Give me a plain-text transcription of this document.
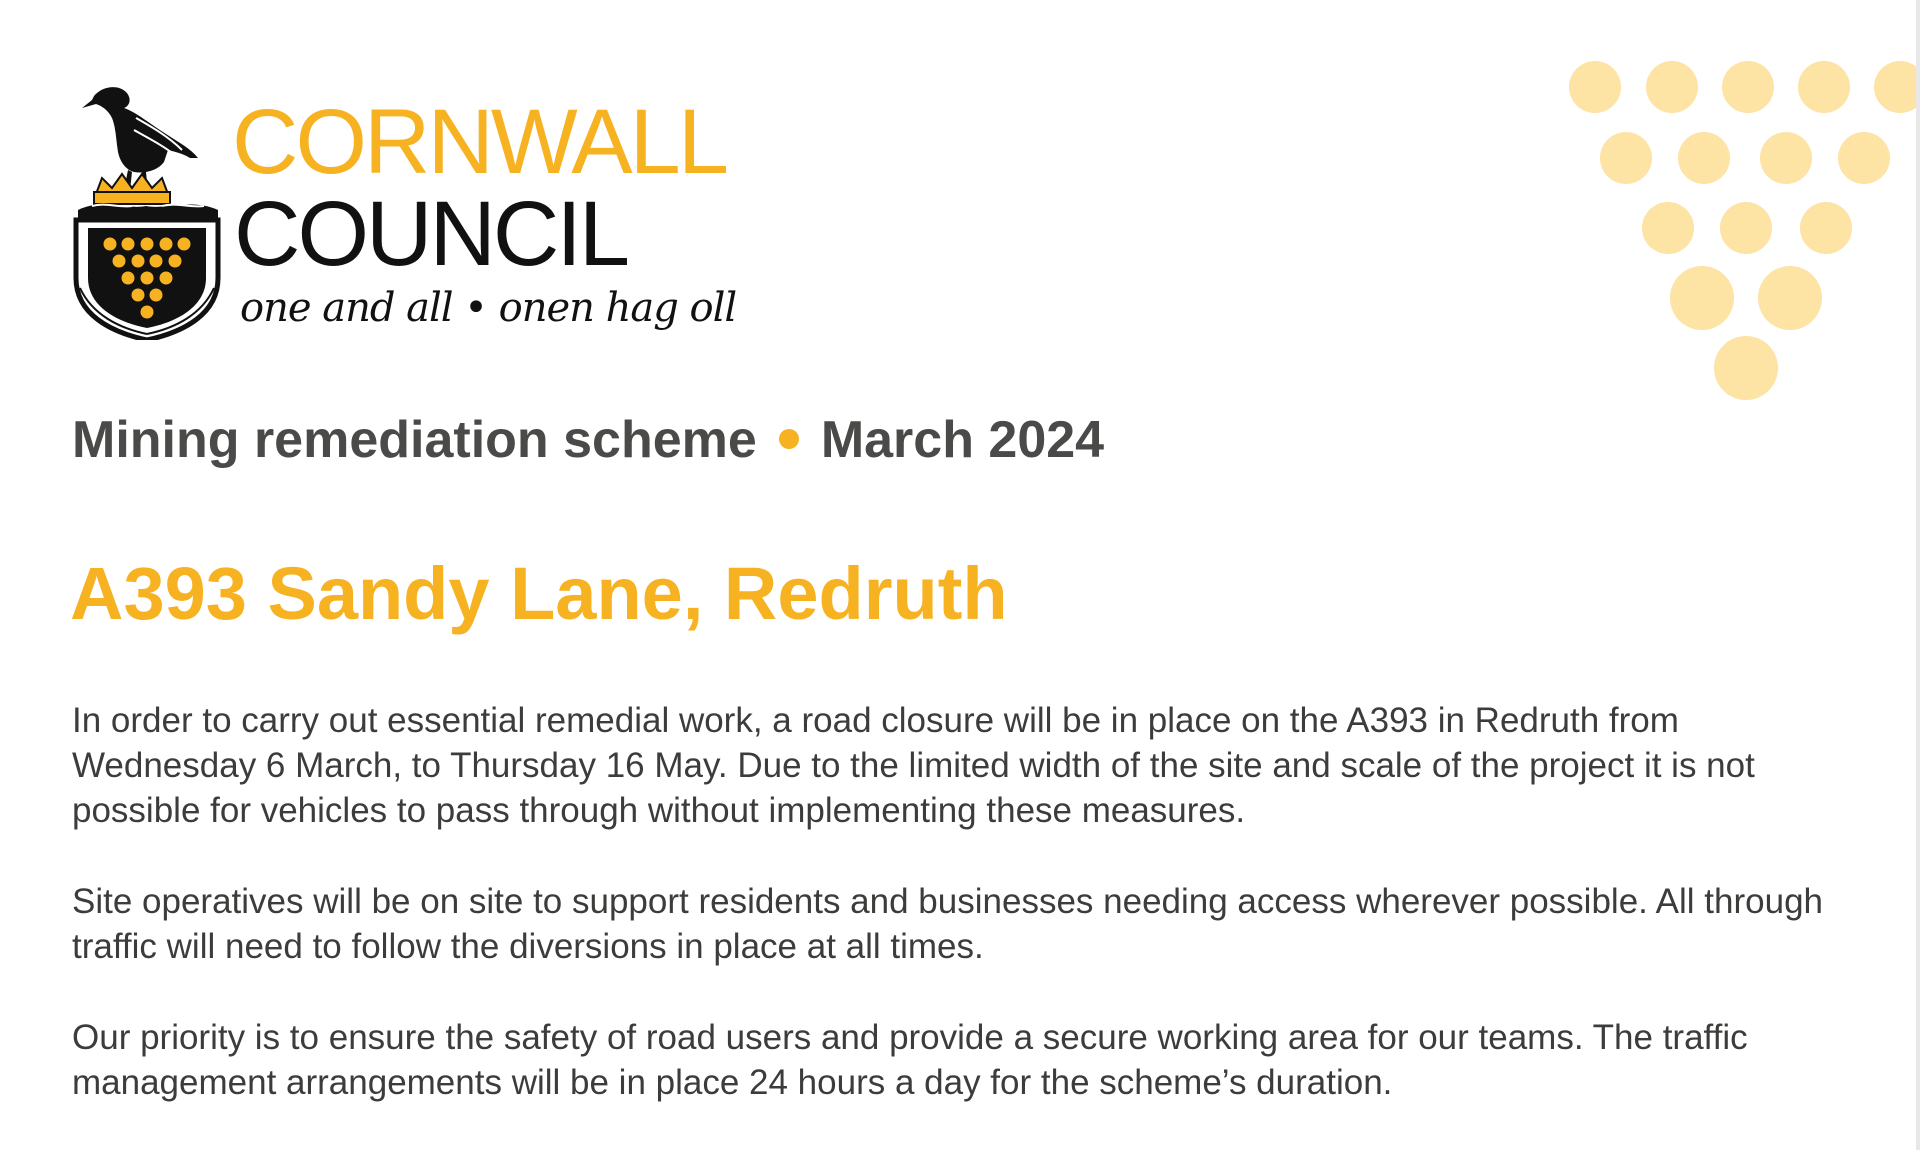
CORNWALL
COUNCIL
one and all • onen hag oll
Mining remediation scheme March 2024
A393 Sandy Lane, Redruth

In order to carry out essential remedial work, a road closure will be in place on the A393 in Redruth from Wednesday 6 March, to Thursday 16 May. Due to the limited width of the site and scale of the project it is not possible for vehicles to pass through without implementing these measures.

Site operatives will be on site to support residents and businesses needing access wherever possible. All through traffic will need to follow the diversions in place at all times.

Our priority is to ensure the safety of road users and provide a secure working area for our teams. The traffic management arrangements will be in place 24 hours a day for the scheme’s duration.
